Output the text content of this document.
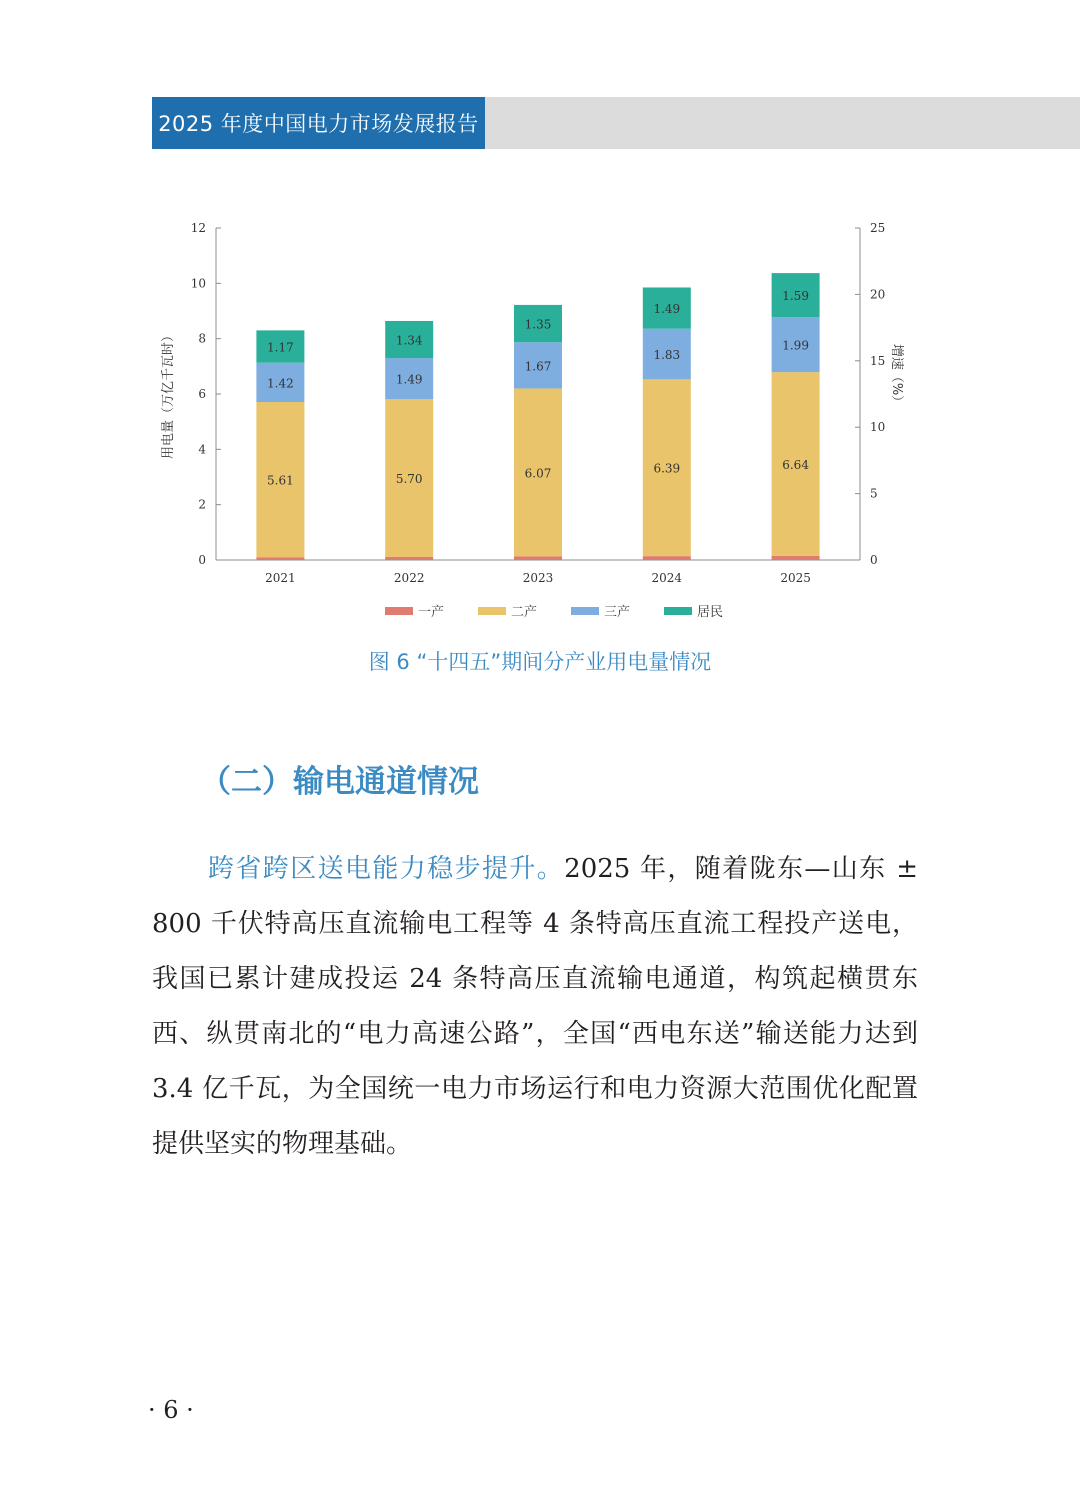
2025 年度中国电力市场发展报告
0
2
4
6
8
10
12
0
5
10
15
20
25
用电量（万亿千瓦时）	增速（%）
5.61
1.42
1.17
2021
5.70
1.49
1.34
2022
6.07
1.67
1.35
2023
6.39
1.83
1.49
2024
6.64
1.99
1.59
2025
一产	二产	三产	居民
图 6 “十四五”期间分产业用电量情况
（二）输电通道情况
跨省跨区送电能力稳步提升。2025 年，随着陇东—山东 ± 800 千伏特高压直流输电工程等 4 条特高压直流工程投产送电，我国已累计建成投运 24 条特高压直流输电通道，构筑起横贯东西、纵贯南北的“电力高速公路”，全国“西电东送”输送能力达到 3.4 亿千瓦，为全国统一电力市场运行和电力资源大范围优化配置提供坚实的物理基础。
· 6 ·
